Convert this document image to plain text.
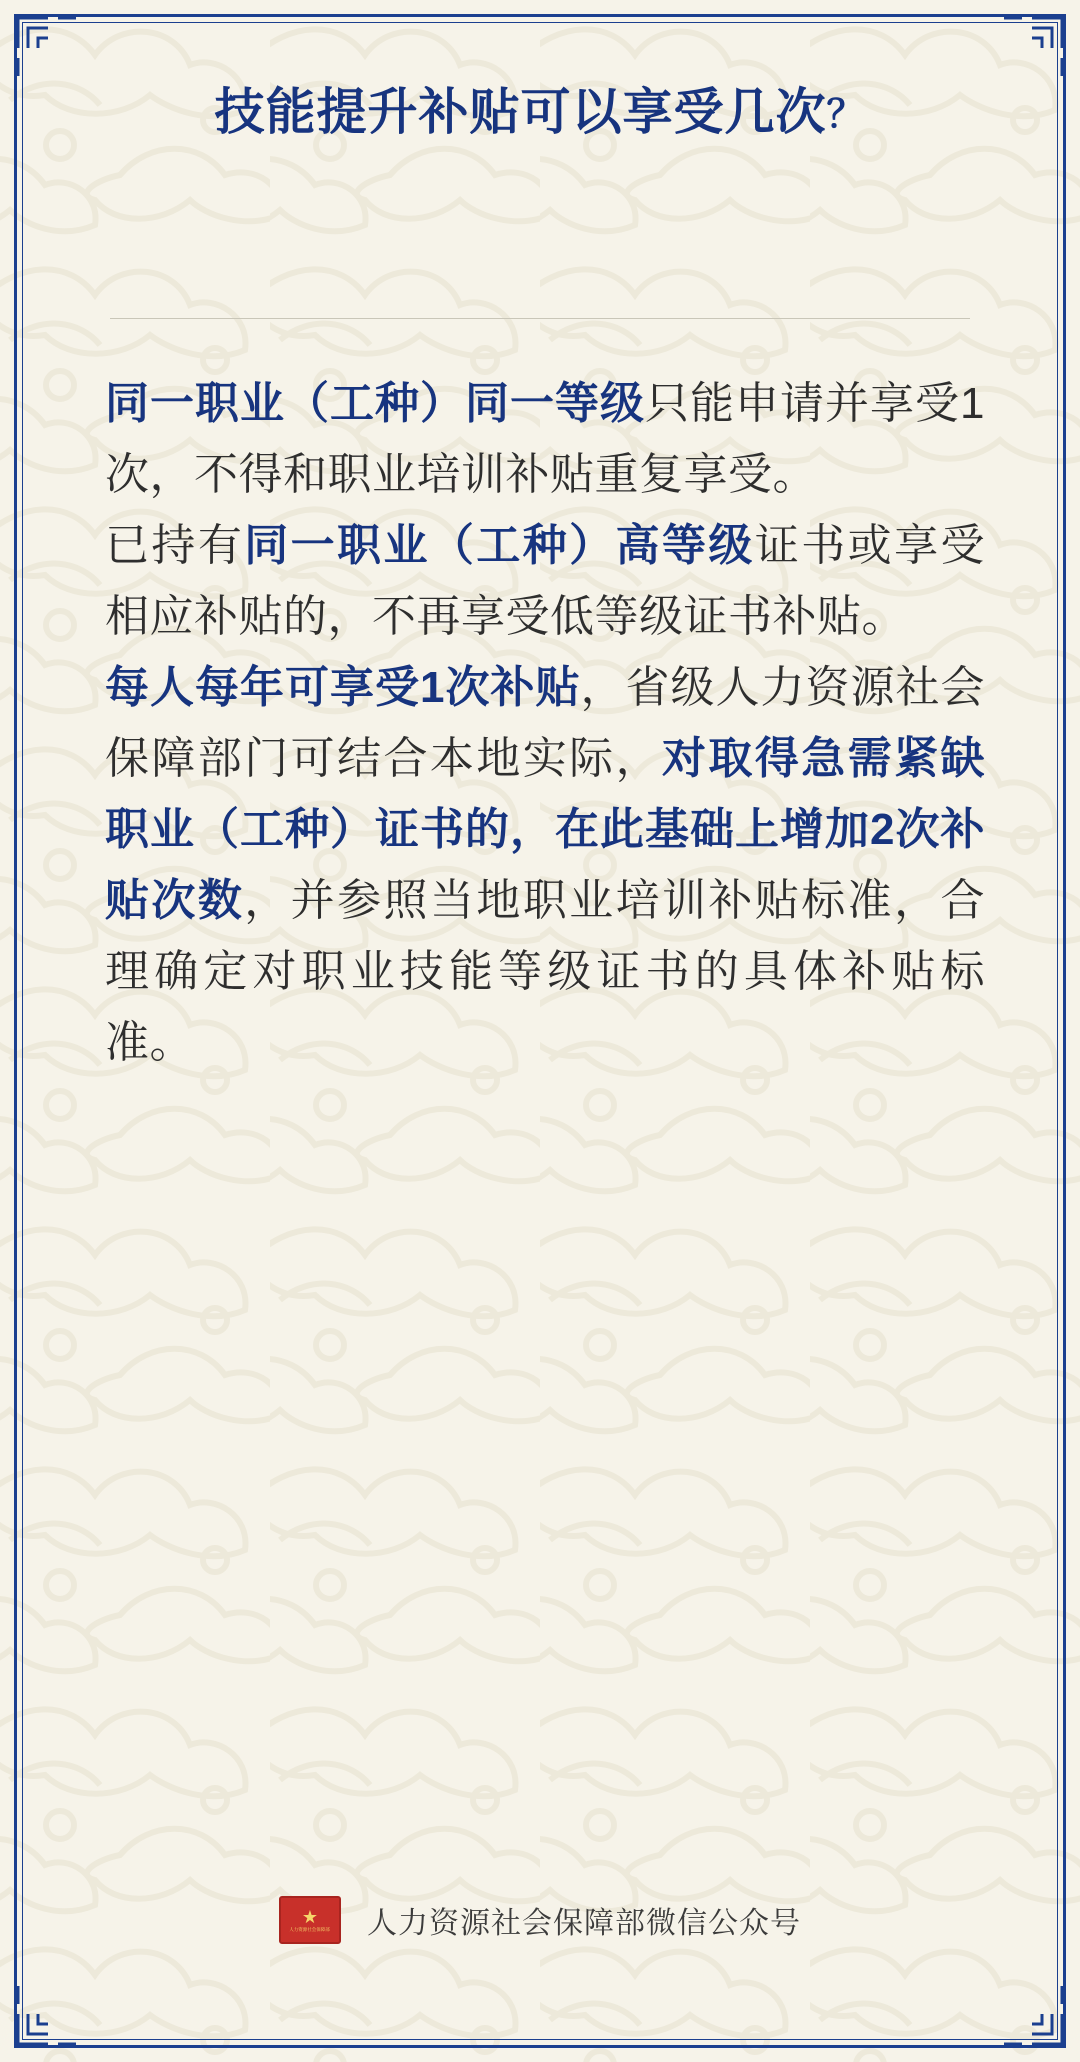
技能提升补贴可以享受几次？

同一职业（工种）同一等级只能申请并享受1次，不得和职业培训补贴重复享受。

已持有同一职业（工种）高等级证书或享受相应补贴的，不再享受低等级证书补贴。

每人每年可享受1次补贴，省级人力资源社会保障部门可结合本地实际，对取得急需紧缺职业（工种）证书的，在此基础上增加2次补贴次数，并参照当地职业培训补贴标准，合理确定对职业技能等级证书的具体补贴标准。

★
人力资源社会保障部 人力资源社会保障部微信公众号
